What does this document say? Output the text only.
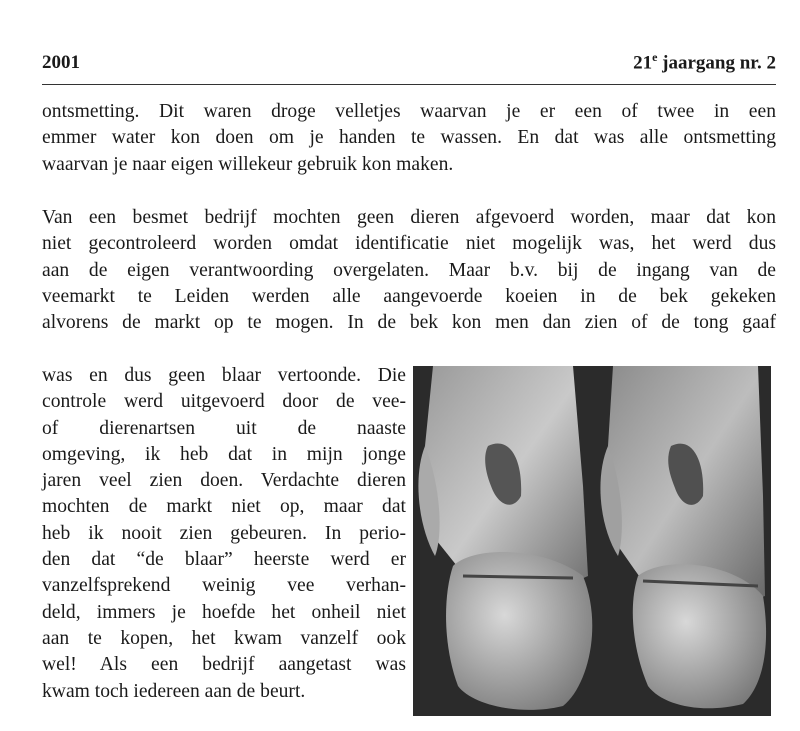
2001	21e jaargang nr. 2
ontsmetting. Dit waren droge velletjes waarvan je er een of twee in een
emmer water kon doen om je handen te wassen. En dat was alle ontsmetting
waarvan je naar eigen willekeur gebruik kon maken.
Van een besmet bedrijf mochten geen dieren afgevoerd worden, maar dat kon
niet gecontroleerd worden omdat identificatie niet mogelijk was, het werd dus
aan de eigen verantwoording overgelaten. Maar b.v. bij de ingang van de
veemarkt te Leiden werden alle aangevoerde koeien in de bek gekeken
alvorens de markt op te mogen. In de bek kon men dan zien of de tong gaaf
was en dus geen blaar vertoonde. Die
controle werd uitgevoerd door de vee-
of dierenartsen uit de naaste
omgeving, ik heb dat in mijn jonge
jaren veel zien doen. Verdachte dieren
mochten de markt niet op, maar dat
heb ik nooit zien gebeuren. In perio-
den dat “de blaar” heerste werd er
vanzelfsprekend weinig vee verhan-
deld, immers je hoefde het onheil niet
aan te kopen, het kwam vanzelf ook
wel! Als een bedrijf aangetast was
kwam toch iedereen aan de beurt.
